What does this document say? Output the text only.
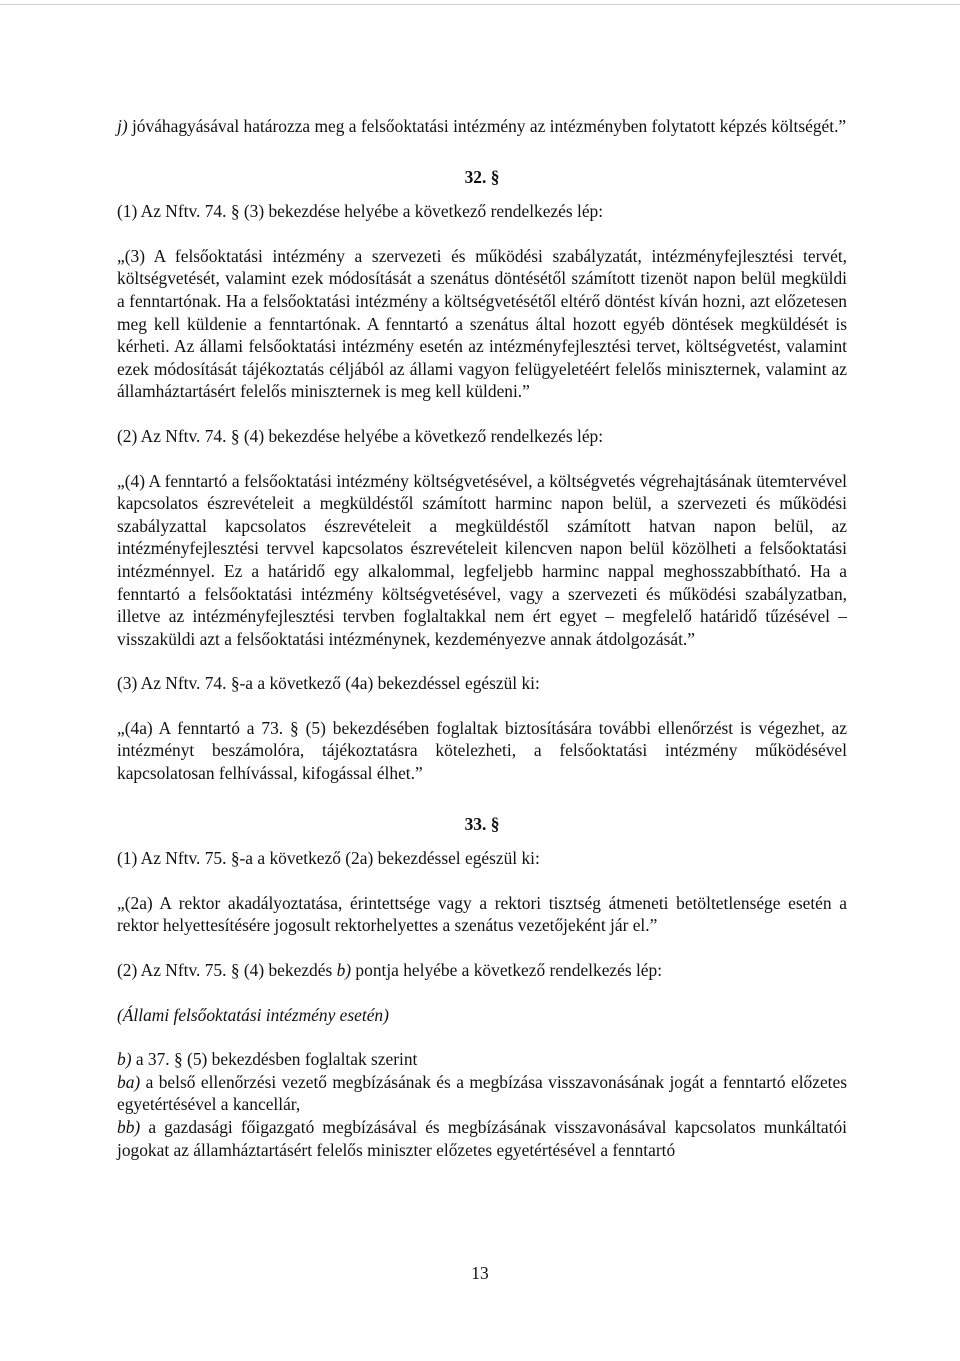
j) jóváhagyásával határozza meg a felsőoktatási intézmény az intézményben folytatott képzés költségét.”

32. §

(1) Az Nftv. 74. § (3) bekezdése helyébe a következő rendelkezés lép:

„(3) A felsőoktatási intézmény a szervezeti és működési szabályzatát, intézményfejlesztési tervét, költségvetését, valamint ezek módosítását a szenátus döntésétől számított tizenöt napon belül megküldi a fenntartónak. Ha a felsőoktatási intézmény a költségvetésétől eltérő döntést kíván hozni, azt előzetesen meg kell küldenie a fenntartónak. A fenntartó a szenátus által hozott egyéb döntések megküldését is kérheti. Az állami felsőoktatási intézmény esetén az intézményfejlesztési tervet, költségvetést, valamint ezek módosítását tájékoztatás céljából az állami vagyon felügyeletéért felelős miniszternek, valamint az államháztartásért felelős miniszternek is meg kell küldeni.”

(2) Az Nftv. 74. § (4) bekezdése helyébe a következő rendelkezés lép:

„(4) A fenntartó a felsőoktatási intézmény költségvetésével, a költségvetés végrehajtásának ütemtervével kapcsolatos észrevételeit a megküldéstől számított harminc napon belül, a szervezeti és működési szabályzattal kapcsolatos észrevételeit a megküldéstől számított hatvan napon belül, az intézményfejlesztési tervvel kapcsolatos észrevételeit kilencven napon belül közölheti a felsőoktatási intézménnyel. Ez a határidő egy alkalommal, legfeljebb harminc nappal meghosszabbítható. Ha a fenntartó a felsőoktatási intézmény költségvetésével, vagy a szervezeti és működési szabályzatban, illetve az intézményfejlesztési tervben foglaltakkal nem ért egyet – megfelelő határidő tűzésével – visszaküldi azt a felsőoktatási intézménynek, kezdeményezve annak átdolgozását.”

(3) Az Nftv. 74. §-a a következő (4a) bekezdéssel egészül ki:

„(4a) A fenntartó a 73. § (5) bekezdésében foglaltak biztosítására további ellenőrzést is végezhet, az intézményt beszámolóra, tájékoztatásra kötelezheti, a felsőoktatási intézmény működésével kapcsolatosan felhívással, kifogással élhet.”

33. §

(1) Az Nftv. 75. §-a a következő (2a) bekezdéssel egészül ki:

„(2a) A rektor akadályoztatása, érintettsége vagy a rektori tisztség átmeneti betöltetlensége esetén a rektor helyettesítésére jogosult rektorhelyettes a szenátus vezetőjeként jár el.”

(2) Az Nftv. 75. § (4) bekezdés b) pontja helyébe a következő rendelkezés lép:

(Állami felsőoktatási intézmény esetén)

b) a 37. § (5) bekezdésben foglaltak szerint

ba) a belső ellenőrzési vezető megbízásának és a megbízása visszavonásának jogát a fenntartó előzetes egyetértésével a kancellár,

bb) a gazdasági főigazgató megbízásával és megbízásának visszavonásával kapcsolatos munkáltatói jogokat az államháztartásért felelős miniszter előzetes egyetértésével a fenntartó

13
